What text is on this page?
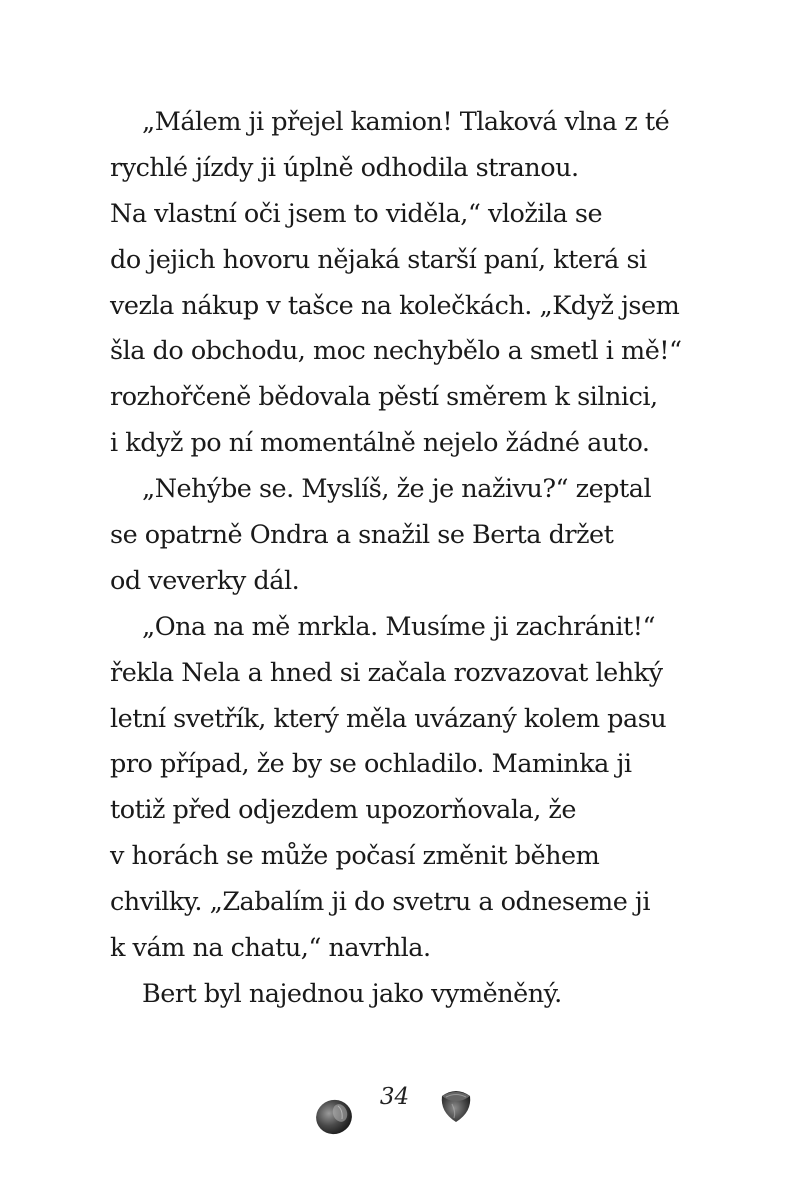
„Málem ji přejel kamion! Tlaková vlna z té
rychlé jízdy ji úplně odhodila stranou.
Na vlastní oči jsem to viděla,“ vložila se
do jejich hovoru nějaká starší paní, která si
vezla nákup v tašce na kolečkách. „Když jsem
šla do obchodu, moc nechybělo a smetl i mě!“
rozhořčeně bědovala pěstí směrem k silnici,
i když po ní momentálně nejelo žádné auto.
„Nehýbe se. Myslíš, že je naživu?“ zeptal
se opatrně Ondra a snažil se Berta držet
od veverky dál.
„Ona na mě mrkla. Musíme ji zachránit!“
řekla Nela a hned si začala rozvazovat lehký
letní svetřík, který měla uvázaný kolem pasu
pro případ, že by se ochladilo. Maminka ji
totiž před odjezdem upozorňovala, že
v horách se může počasí změnit během
chvilky. „Zabalím ji do svetru a odneseme ji
k vám na chatu,“ navrhla.
Bert byl najednou jako vyměněný.
34
